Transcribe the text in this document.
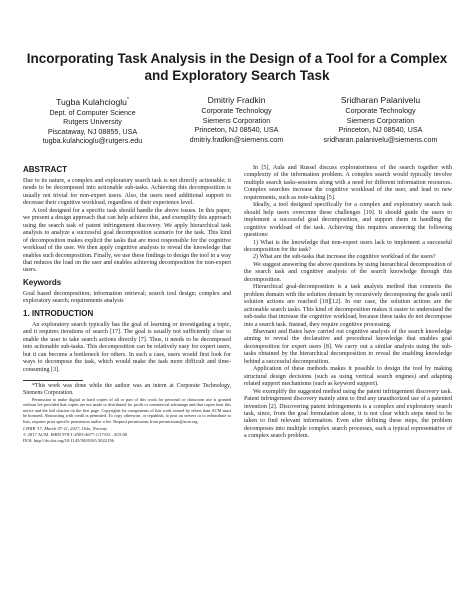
Incorporating Task Analysis in the Design of a Tool for a Complex and Exploratory Search Task
Tugba Kulahcioglu*
Dept. of Computer Science
Rutgers University
Piscataway, NJ 08855, USA
tugba.kulahcioglu@rutgers.edu
Dmitriy Fradkin
Corporate Technology
Siemens Corporation
Princeton, NJ 08540, USA
dmitriy.fradkin@siemens.com
Sridharan Palanivelu
Corporate Technology
Siemens Corporation
Princeton, NJ 08540, USA
sridharan.palanivelu@siemens.com
ABSTRACT

Due to its nature, a complex and exploratory search task is not directly actionable; it needs to be decomposed into actionable sub-tasks. Achieving this decomposition is usually not trivial for non-expert users. Also, the users need additional support to decrease their cognitive workload, regardless of their experience level.

A tool designed for a specific task should handle the above issues. In this paper, we present a design approach that can help achieve this, and exemplify this approach using the search task of patent infringement discovery. We apply hierarchical task analysis to analyze a successful goal decomposition scenario for the task. This kind of decomposition makes explicit the tasks that are most responsible for the cognitive workload of the user. We then apply cognitive analysis to reveal the knowledge that enables such decomposition. Finally, we use these findings to design the tool in a way that reduces the load on the user and enables achieving decomposition for non-expert users.

Keywords

Goal based decomposition; information retrieval; search tool design; complex and exploratory search; requirements analysis

1. INTRODUCTION

An exploratory search typically has the goal of learning or investigating a topic, and it requires iterations of search [17]. The goal is usually not sufficiently clear to enable the user to take search actions directly [7]. Thus, it needs to be decomposed into actionable sub-tasks. This decomposition can be relatively easy for expert users, but it can become a bottleneck for others. In such a case, users would first look for ways to decompose the task, which would make the task more difficult and time-consuming [3].

*This work was done while the author was an intern at Corporate Technology, Siemens Corporation.

Permission to make digital or hard copies of all or part of this work for personal or classroom use is granted without fee provided that copies are not made or distributed for profit or commercial advantage and that copies bear this notice and the full citation on the first page. Copyrights for components of this work owned by others than ACM must be honored. Abstracting with credit is permitted. To copy otherwise, or republish, to post on servers or to redistribute to lists, requires prior specific permission and/or a fee. Request permissions from permissions@acm.org.

CHIIR '17, March 07-11, 2017, Oslo, Norway
© 2017 ACM. ISBN 978-1-4503-4677-1/17/03…$15.00
DOI: http://dx.doi.org/10.1145/3020165.3022156

In [5], Aula and Russel discuss exploratoriness of the search together with complexity of the information problem. A complex search would typically involve multiple search tasks-sessions along with a need for different information resources. Complex searches increase the cognitive workload of the user, and lead to new requirements, such as note-taking [5].

Ideally, a tool designed specifically for a complex and exploratory search task should help users overcome these challenges [19]. It should guide the users to implement a successful goal decomposition, and support them in handling the cognitive workload of the task. Achieving this requires answering the following questions:

1) What is the knowledge that non-expert users lack to implement a successful decomposition for the task?

2) What are the sub-tasks that increase the cognitive workload of the users?

We suggest answering the above questions by using hierarchical decomposition of the search task and cognitive analysis of the search knowledge through this decomposition.

Hierarchical goal-decomposition is a task analysis method that connects the problem domain with the solution domain by recursively decomposing the goals until solution actions are reached [18][12]. In our case, the solution actions are the actionable search tasks. This kind of decomposition makes it easier to understand the sub-tasks that increase the cognitive workload, because these tasks do not decompose into a search task. Instead, they require cognitive processing.

Bhavnani and Bates have carried out cognitive analysis of the search knowledge aiming to reveal the declarative and procedural knowledge that enables goal decomposition for expert users [8]. We carry out a similar analysis using the sub-tasks obtained by the hierarchical decomposition to reveal the enabling knowledge behind a successful decomposition.

Application of these methods makes it possible to design the tool by making structural design decisions (such as using vertical search engines) and adapting related support mechanisms (such as keyword support).

We exemplify the suggested method using the patent infringement discovery task. Patent infringement discovery mainly aims to find any unauthorized use of a patented invention [2]. Discovering patent infringements is a complex and exploratory search task, since, from the goal formulation alone, it is not clear which steps need to be taken to find relevant information. Even after defining these steps, the problem decomposes into multiple complex search processes, each a typical representative of a complex search problem.
